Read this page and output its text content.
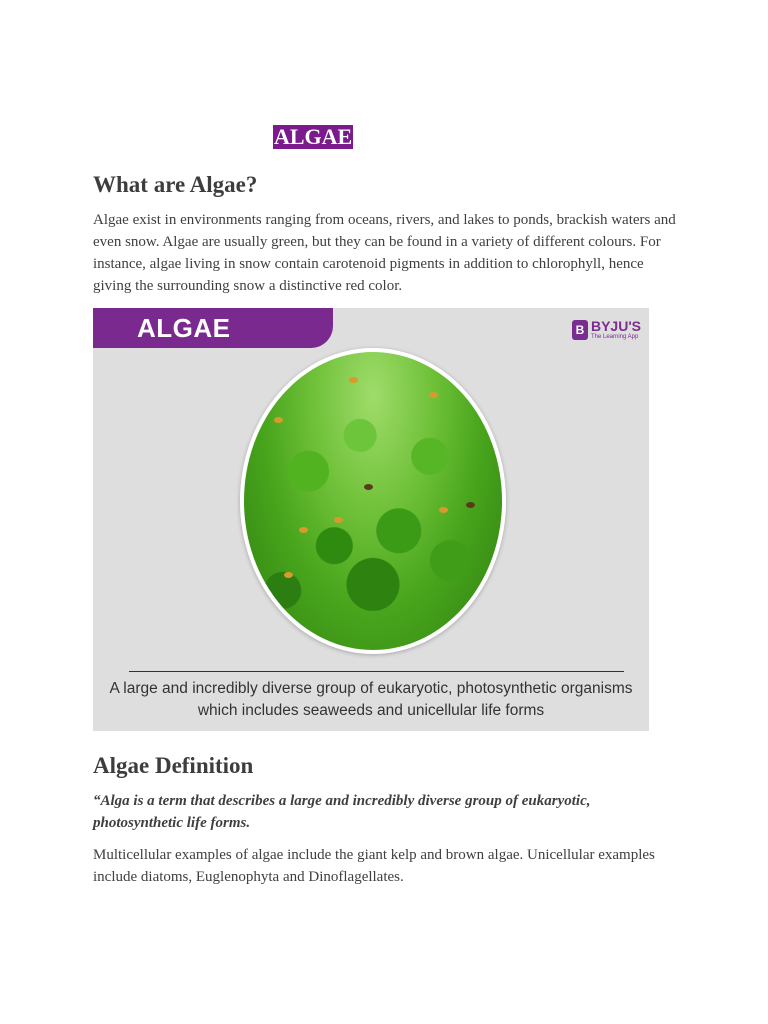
ALGAE
What are Algae?

Algae exist in environments ranging from oceans, rivers, and lakes to ponds, brackish waters and even snow. Algae are usually green, but they can be found in a variety of different colours. For instance, algae living in snow contain carotenoid pigments in addition to chlorophyll, hence giving the surrounding snow a distinctive red color.

ALGAE	B BYJU'S
The Learning App

A large and incredibly diverse group of eukaryotic, photosynthetic organisms
which includes seaweeds and unicellular life forms

Algae Definition

“Alga is a term that describes a large and incredibly diverse group of eukaryotic, photosynthetic life forms.

Multicellular examples of algae include the giant kelp and brown algae. Unicellular examples include diatoms, Euglenophyta and Dinoflagellates.
